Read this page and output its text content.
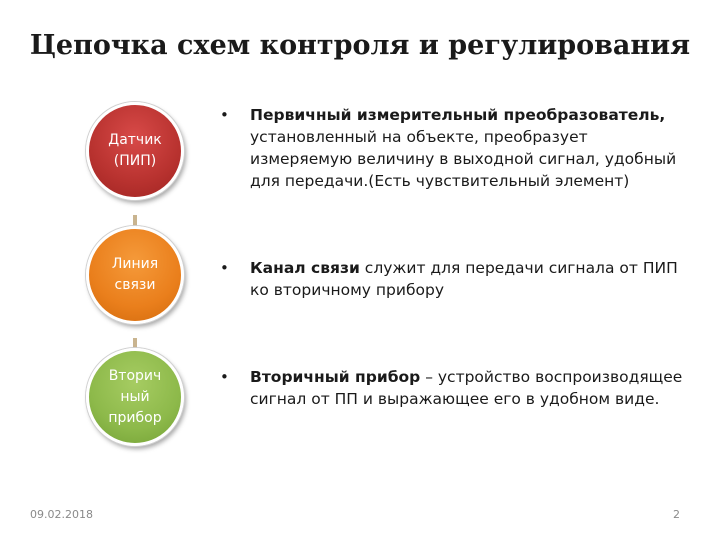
Цепочка схем контроля и регулирования
Датчик
(ПИП)
Линия
связи
Вторич
ный
прибор
• Первичный измерительный преобразователь, установленный на объекте, преобразует измеряемую величину в выходной сигнал, удобный для передачи.(Есть чувствительный элемент)
• Канал связи служит для передачи сигнала от ПИП ко вторичному прибору
• Вторичный прибор – устройство воспроизводящее сигнал от ПП и выражающее его в удобном виде.
09.02.2018	2
